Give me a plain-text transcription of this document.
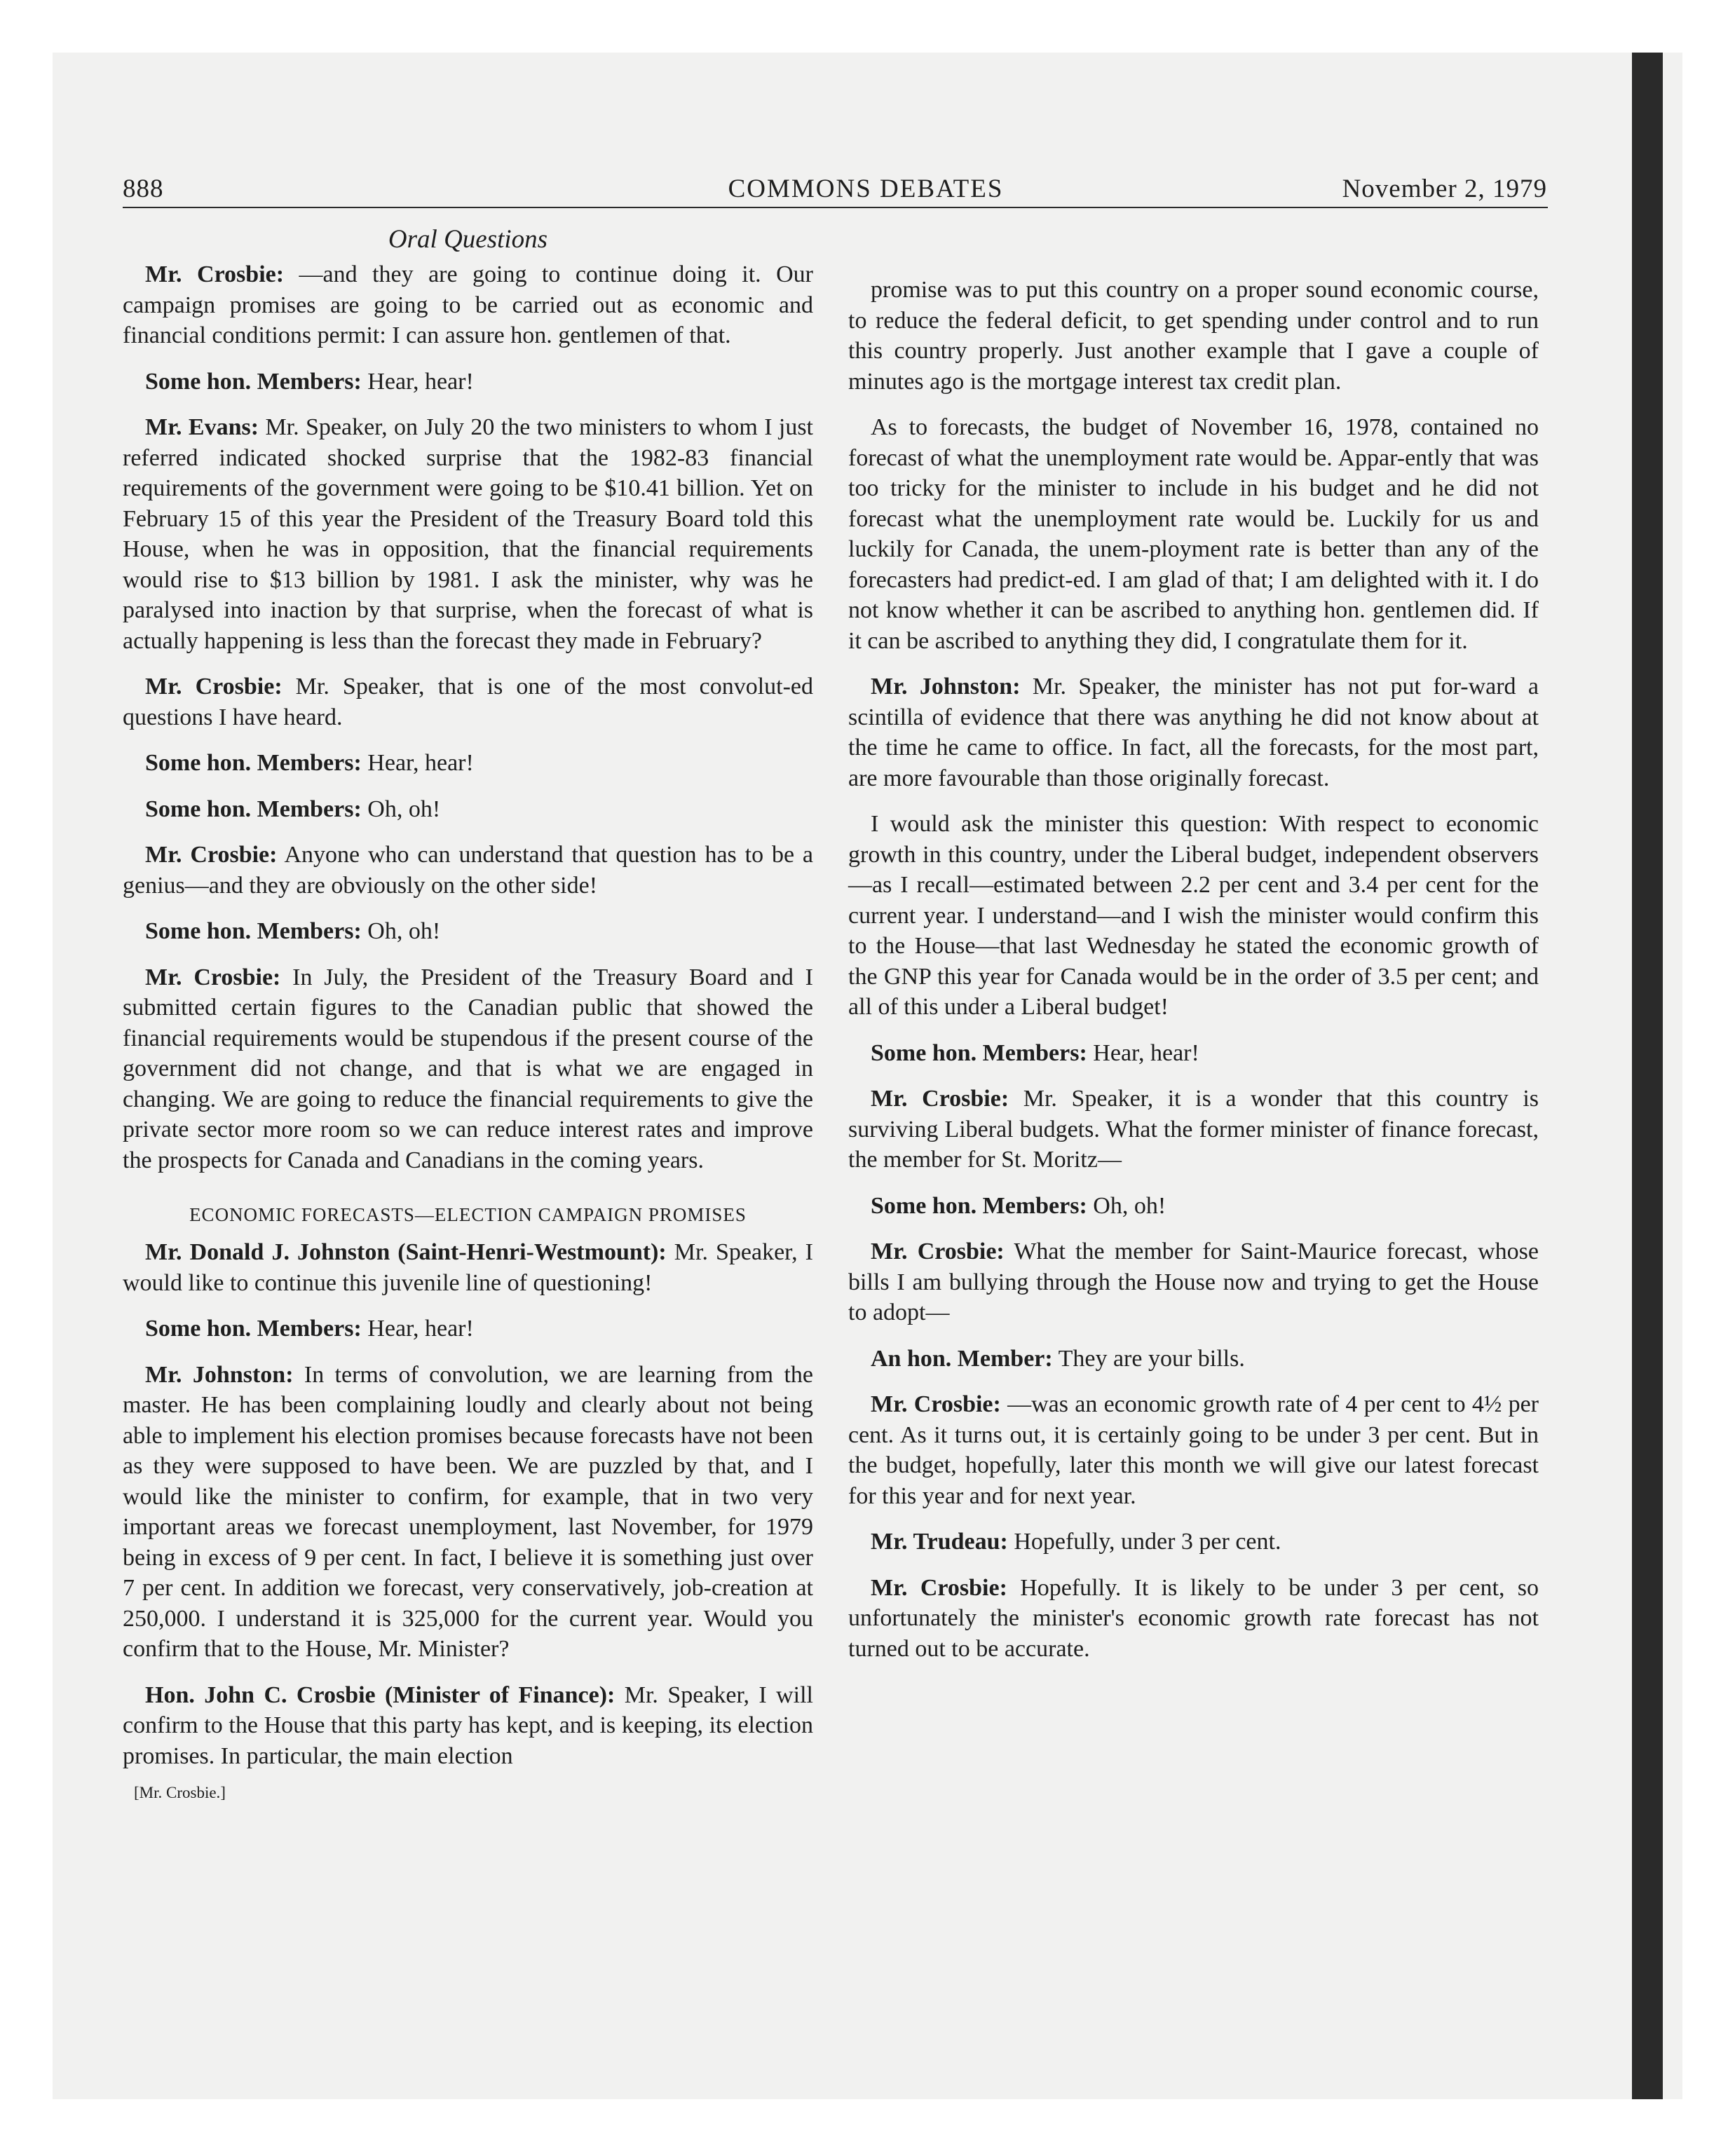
888	COMMONS DEBATES	November 2, 1979
Oral Questions

Mr. Crosbie: —and they are going to continue doing it. Our campaign promises are going to be carried out as economic and financial conditions permit: I can assure hon. gentlemen of that.

Some hon. Members: Hear, hear!

Mr. Evans: Mr. Speaker, on July 20 the two ministers to whom I just referred indicated shocked surprise that the 1982-83 financial requirements of the government were going to be $10.41 billion. Yet on February 15 of this year the President of the Treasury Board told this House, when he was in opposition, that the financial requirements would rise to $13 billion by 1981. I ask the minister, why was he paralysed into inaction by that surprise, when the forecast of what is actually happening is less than the forecast they made in February?

Mr. Crosbie: Mr. Speaker, that is one of the most convolut-ed questions I have heard.

Some hon. Members: Hear, hear!

Some hon. Members: Oh, oh!

Mr. Crosbie: Anyone who can understand that question has to be a genius—and they are obviously on the other side!

Some hon. Members: Oh, oh!

Mr. Crosbie: In July, the President of the Treasury Board and I submitted certain figures to the Canadian public that showed the financial requirements would be stupendous if the present course of the government did not change, and that is what we are engaged in changing. We are going to reduce the financial requirements to give the private sector more room so we can reduce interest rates and improve the prospects for Canada and Canadians in the coming years.

ECONOMIC FORECASTS—ELECTION CAMPAIGN PROMISES

Mr. Donald J. Johnston (Saint-Henri-Westmount): Mr. Speaker, I would like to continue this juvenile line of questioning!

Some hon. Members: Hear, hear!

Mr. Johnston: In terms of convolution, we are learning from the master. He has been complaining loudly and clearly about not being able to implement his election promises because forecasts have not been as they were supposed to have been. We are puzzled by that, and I would like the minister to confirm, for example, that in two very important areas we forecast unemployment, last November, for 1979 being in excess of 9 per cent. In fact, I believe it is something just over 7 per cent. In addition we forecast, very conservatively, job-creation at 250,000. I understand it is 325,000 for the current year. Would you confirm that to the House, Mr. Minister?

Hon. John C. Crosbie (Minister of Finance): Mr. Speaker, I will confirm to the House that this party has kept, and is keeping, its election promises. In particular, the main election

[Mr. Crosbie.]

promise was to put this country on a proper sound economic course, to reduce the federal deficit, to get spending under control and to run this country properly. Just another example that I gave a couple of minutes ago is the mortgage interest tax credit plan.

As to forecasts, the budget of November 16, 1978, contained no forecast of what the unemployment rate would be. Appar-ently that was too tricky for the minister to include in his budget and he did not forecast what the unemployment rate would be. Luckily for us and luckily for Canada, the unem-ployment rate is better than any of the forecasters had predict-ed. I am glad of that; I am delighted with it. I do not know whether it can be ascribed to anything hon. gentlemen did. If it can be ascribed to anything they did, I congratulate them for it.

Mr. Johnston: Mr. Speaker, the minister has not put for-ward a scintilla of evidence that there was anything he did not know about at the time he came to office. In fact, all the forecasts, for the most part, are more favourable than those originally forecast.

I would ask the minister this question: With respect to economic growth in this country, under the Liberal budget, independent observers—as I recall—estimated between 2.2 per cent and 3.4 per cent for the current year. I understand—and I wish the minister would confirm this to the House—that last Wednesday he stated the economic growth of the GNP this year for Canada would be in the order of 3.5 per cent; and all of this under a Liberal budget!

Some hon. Members: Hear, hear!

Mr. Crosbie: Mr. Speaker, it is a wonder that this country is surviving Liberal budgets. What the former minister of finance forecast, the member for St. Moritz—

Some hon. Members: Oh, oh!

Mr. Crosbie: What the member for Saint-Maurice forecast, whose bills I am bullying through the House now and trying to get the House to adopt—

An hon. Member: They are your bills.

Mr. Crosbie: —was an economic growth rate of 4 per cent to 4½ per cent. As it turns out, it is certainly going to be under 3 per cent. But in the budget, hopefully, later this month we will give our latest forecast for this year and for next year.

Mr. Trudeau: Hopefully, under 3 per cent.

Mr. Crosbie: Hopefully. It is likely to be under 3 per cent, so unfortunately the minister's economic growth rate forecast has not turned out to be accurate.
